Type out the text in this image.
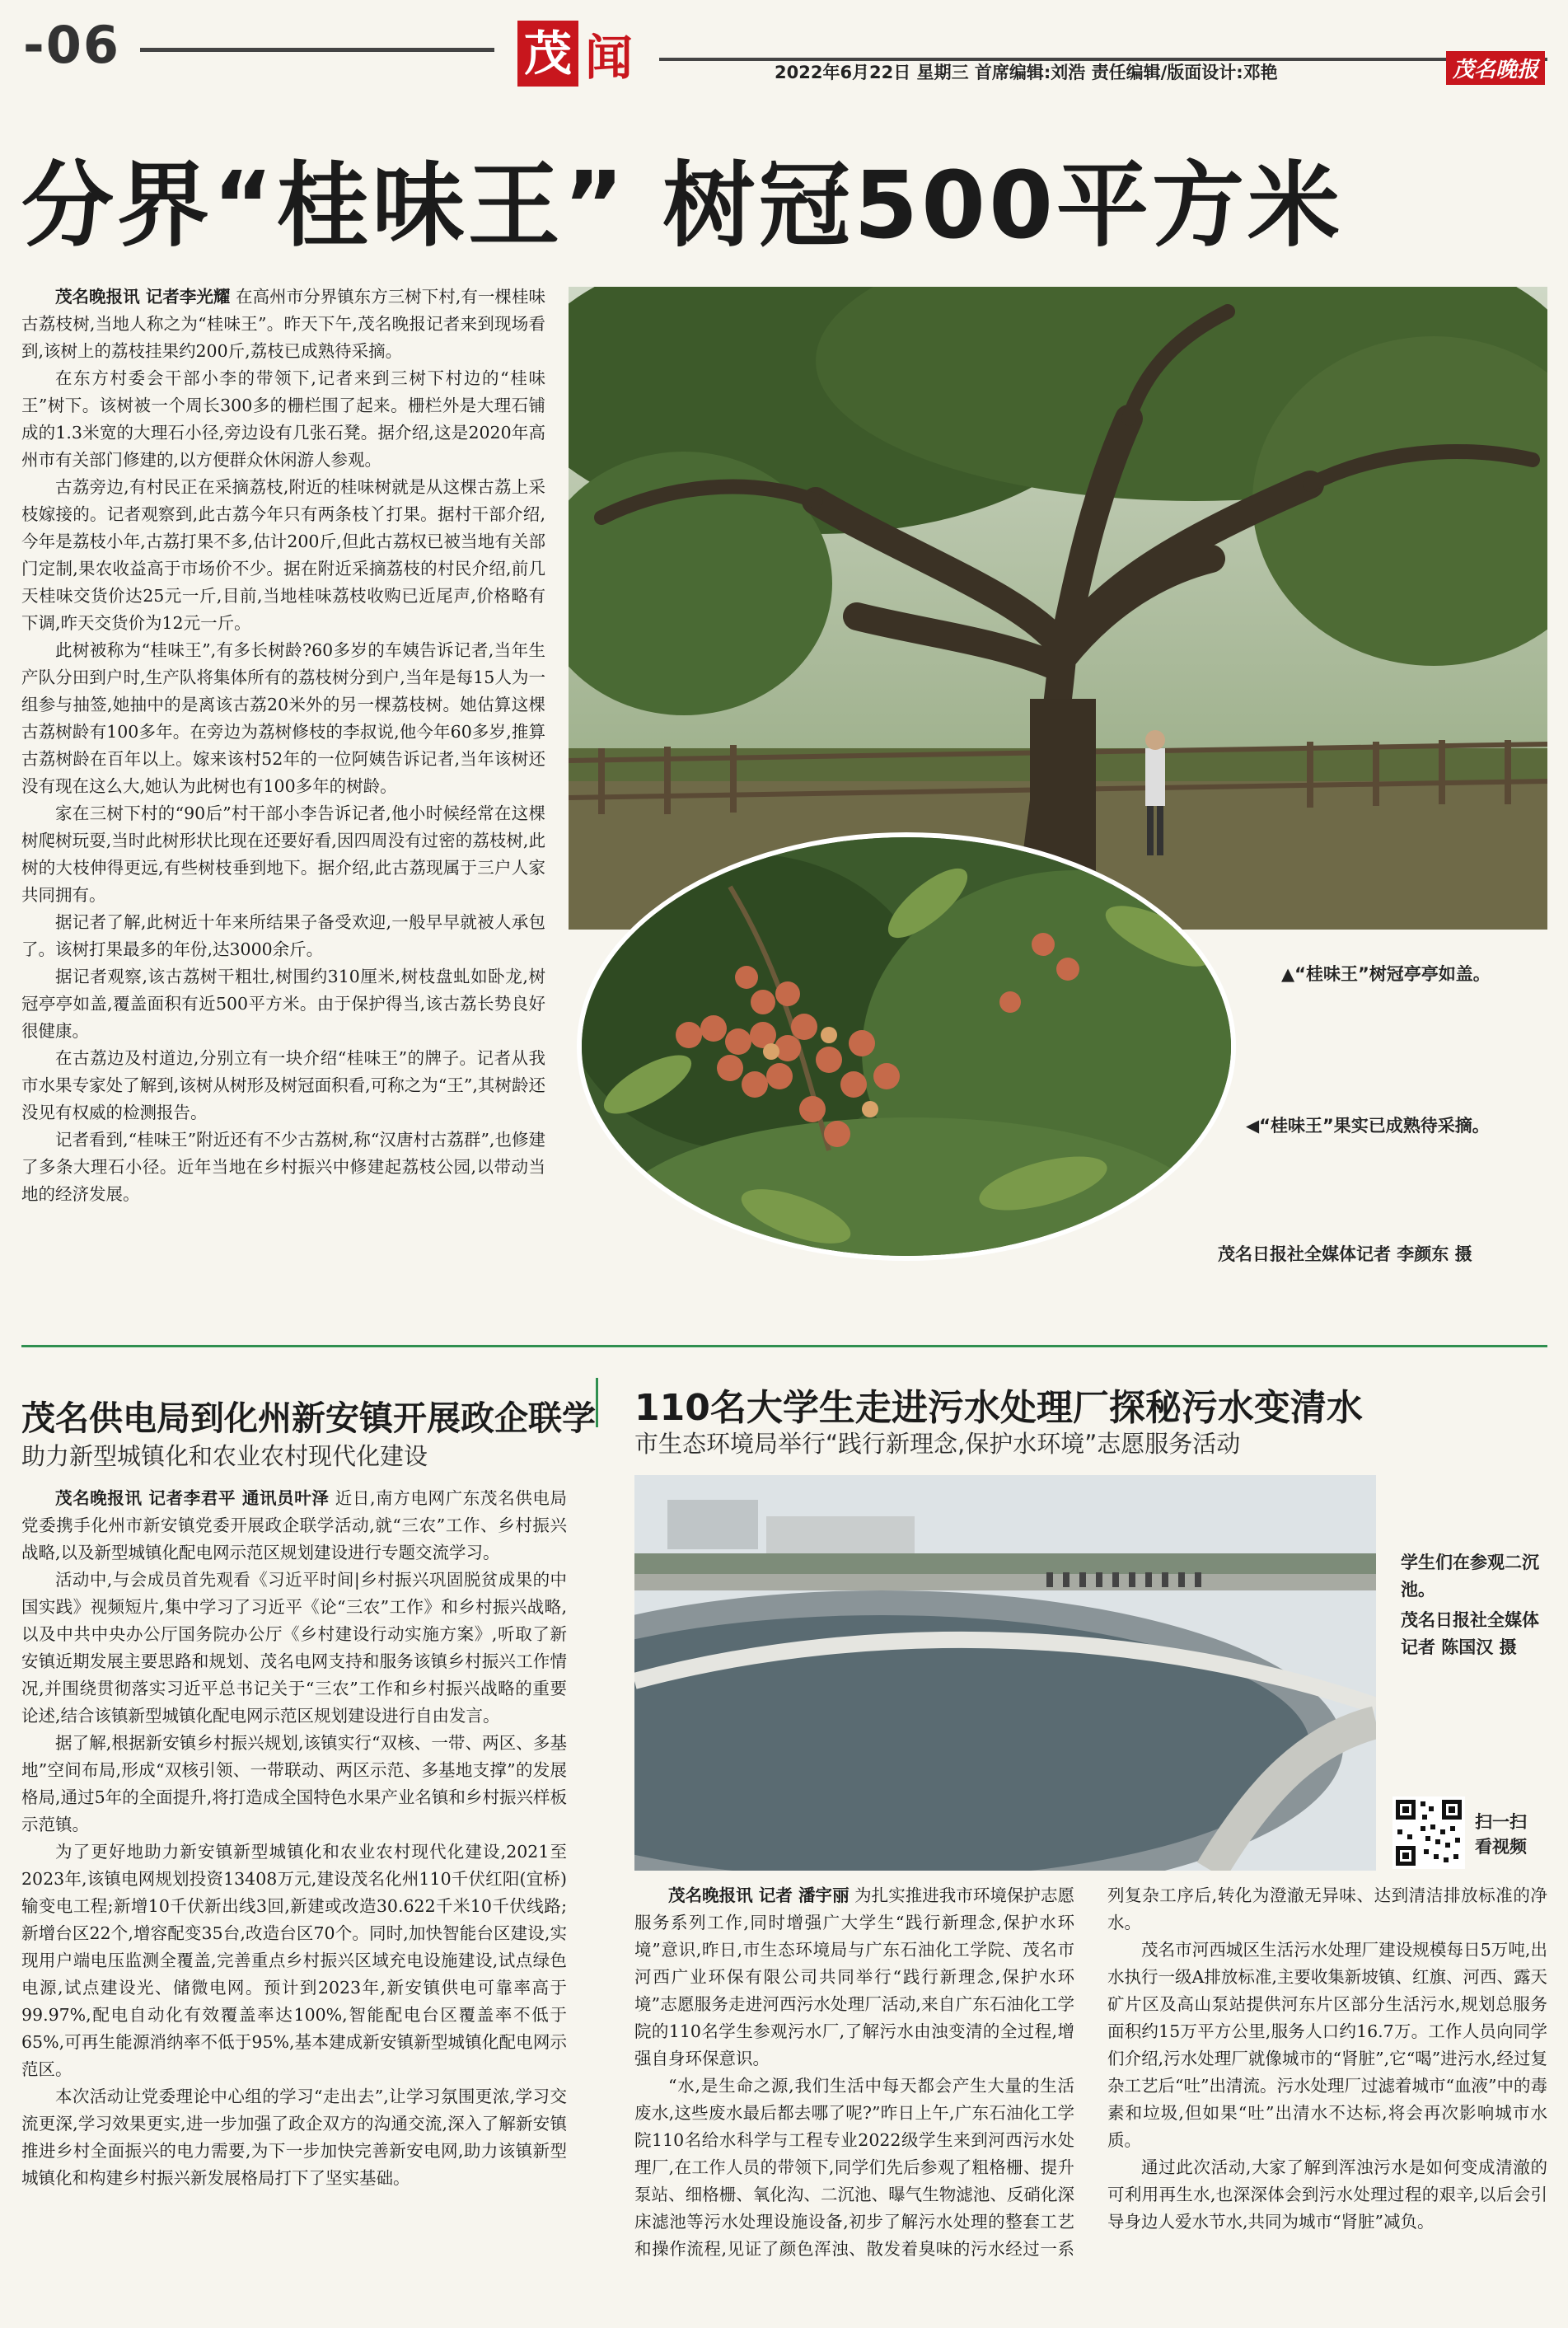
-06	茂 闻	2022年6月22日 星期三 首席编辑:刘浩 责任编辑/版面设计:邓艳	茂名晚报
分界“桂味王” 树冠500平方米

茂名晚报讯 记者李光耀 在高州市分界镇东方三树下村,有一棵桂味古荔枝树,当地人称之为“桂味王”。昨天下午,茂名晚报记者来到现场看到,该树上的荔枝挂果约200斤,荔枝已成熟待采摘。

在东方村委会干部小李的带领下,记者来到三树下村边的“桂味王”树下。该树被一个周长300多的栅栏围了起来。栅栏外是大理石铺成的1.3米宽的大理石小径,旁边设有几张石凳。据介绍,这是2020年高州市有关部门修建的,以方便群众休闲游人参观。

古荔旁边,有村民正在采摘荔枝,附近的桂味树就是从这棵古荔上采枝嫁接的。记者观察到,此古荔今年只有两条枝丫打果。据村干部介绍,今年是荔枝小年,古荔打果不多,估计200斤,但此古荔权已被当地有关部门定制,果农收益高于市场价不少。据在附近采摘荔枝的村民介绍,前几天桂味交货价达25元一斤,目前,当地桂味荔枝收购已近尾声,价格略有下调,昨天交货价为12元一斤。

此树被称为“桂味王”,有多长树龄?60多岁的车姨告诉记者,当年生产队分田到户时,生产队将集体所有的荔枝树分到户,当年是每15人为一组参与抽签,她抽中的是离该古荔20米外的另一棵荔枝树。她估算这棵古荔树龄有100多年。在旁边为荔树修枝的李叔说,他今年60多岁,推算古荔树龄在百年以上。嫁来该村52年的一位阿姨告诉记者,当年该树还没有现在这么大,她认为此树也有100多年的树龄。

家在三树下村的“90后”村干部小李告诉记者,他小时候经常在这棵树爬树玩耍,当时此树形状比现在还要好看,因四周没有过密的荔枝树,此树的大枝伸得更远,有些树枝垂到地下。据介绍,此古荔现属于三户人家共同拥有。

据记者了解,此树近十年来所结果子备受欢迎,一般早早就被人承包了。该树打果最多的年份,达3000余斤。

据记者观察,该古荔树干粗壮,树围约310厘米,树枝盘虬如卧龙,树冠亭亭如盖,覆盖面积有近500平方米。由于保护得当,该古荔长势良好很健康。

在古荔边及村道边,分别立有一块介绍“桂味王”的牌子。记者从我市水果专家处了解到,该树从树形及树冠面积看,可称之为“王”,其树龄还没见有权威的检测报告。

记者看到,“桂味王”附近还有不少古荔树,称“汉唐村古荔群”,也修建了多条大理石小径。近年当地在乡村振兴中修建起荔枝公园,以带动当地的经济发展。

▲“桂味王”树冠亭亭如盖。
◀“桂味王”果实已成熟待采摘。
茂名日报社全媒体记者 李颜东 摄
茂名供电局到化州新安镇开展政企联学
助力新型城镇化和农业农村现代化建设

茂名晚报讯 记者李君平 通讯员叶泽 近日,南方电网广东茂名供电局党委携手化州市新安镇党委开展政企联学活动,就“三农”工作、乡村振兴战略,以及新型城镇化配电网示范区规划建设进行专题交流学习。

活动中,与会成员首先观看《习近平时间|乡村振兴巩固脱贫成果的中国实践》视频短片,集中学习了习近平《论“三农”工作》和乡村振兴战略,以及中共中央办公厅国务院办公厅《乡村建设行动实施方案》,听取了新安镇近期发展主要思路和规划、茂名电网支持和服务该镇乡村振兴工作情况,并围绕贯彻落实习近平总书记关于“三农”工作和乡村振兴战略的重要论述,结合该镇新型城镇化配电网示范区规划建设进行自由发言。

据了解,根据新安镇乡村振兴规划,该镇实行“双核、一带、两区、多基地”空间布局,形成“双核引领、一带联动、两区示范、多基地支撑”的发展格局,通过5年的全面提升,将打造成全国特色水果产业名镇和乡村振兴样板示范镇。

为了更好地助力新安镇新型城镇化和农业农村现代化建设,2021至2023年,该镇电网规划投资13408万元,建设茂名化州110千伏红阳(宜桥)输变电工程;新增10千伏新出线3回,新建或改造30.622千米10千伏线路;新增台区22个,增容配变35台,改造台区70个。同时,加快智能台区建设,实现用户端电压监测全覆盖,完善重点乡村振兴区域充电设施建设,试点绿色电源,试点建设光、储微电网。预计到2023年,新安镇供电可靠率高于99.97%,配电自动化有效覆盖率达100%,智能配电台区覆盖率不低于65%,可再生能源消纳率不低于95%,基本建成新安镇新型城镇化配电网示范区。

本次活动让党委理论中心组的学习“走出去”,让学习氛围更浓,学习交流更深,学习效果更实,进一步加强了政企双方的沟通交流,深入了解新安镇推进乡村全面振兴的电力需要,为下一步加快完善新安电网,助力该镇新型城镇化和构建乡村振兴新发展格局打下了坚实基础。

110名大学生走进污水处理厂探秘污水变清水
市生态环境局举行“践行新理念,保护水环境”志愿服务活动
学生们在参观二沉池。
茂名日报社全媒体记者 陈国汉 摄
扫一扫看视频

茂名晚报讯 记者 潘宇丽 为扎实推进我市环境保护志愿服务系列工作,同时增强广大学生“践行新理念,保护水环境”意识,昨日,市生态环境局与广东石油化工学院、茂名市河西广业环保有限公司共同举行“践行新理念,保护水环境”志愿服务走进河西污水处理厂活动,来自广东石油化工学院的110名学生参观污水厂,了解污水由浊变清的全过程,增强自身环保意识。

“水,是生命之源,我们生活中每天都会产生大量的生活废水,这些废水最后都去哪了呢?”昨日上午,广东石油化工学院110名给水科学与工程专业2022级学生来到河西污水处理厂,在工作人员的带领下,同学们先后参观了粗格栅、提升泵站、细格栅、氧化沟、二沉池、曝气生物滤池、反硝化深床滤池等污水处理设施设备,初步了解污水处理的整套工艺和操作流程,见证了颜色浑浊、散发着臭味的污水经过一系列复杂工序后,转化为澄澈无异味、达到清洁排放标准的净水。

茂名市河西城区生活污水处理厂建设规模每日5万吨,出水执行一级A排放标准,主要收集新坡镇、红旗、河西、露天矿片区及高山泵站提供河东片区部分生活污水,规划总服务面积约15万平方公里,服务人口约16.7万。工作人员向同学们介绍,污水处理厂就像城市的“肾脏”,它“喝”进污水,经过复杂工艺后“吐”出清流。污水处理厂过滤着城市“血液”中的毒素和垃圾,但如果“吐”出清水不达标,将会再次影响城市水质。

通过此次活动,大家了解到浑浊污水是如何变成清澈的可利用再生水,也深深体会到污水处理过程的艰辛,以后会引导身边人爱水节水,共同为城市“肾脏”减负。
